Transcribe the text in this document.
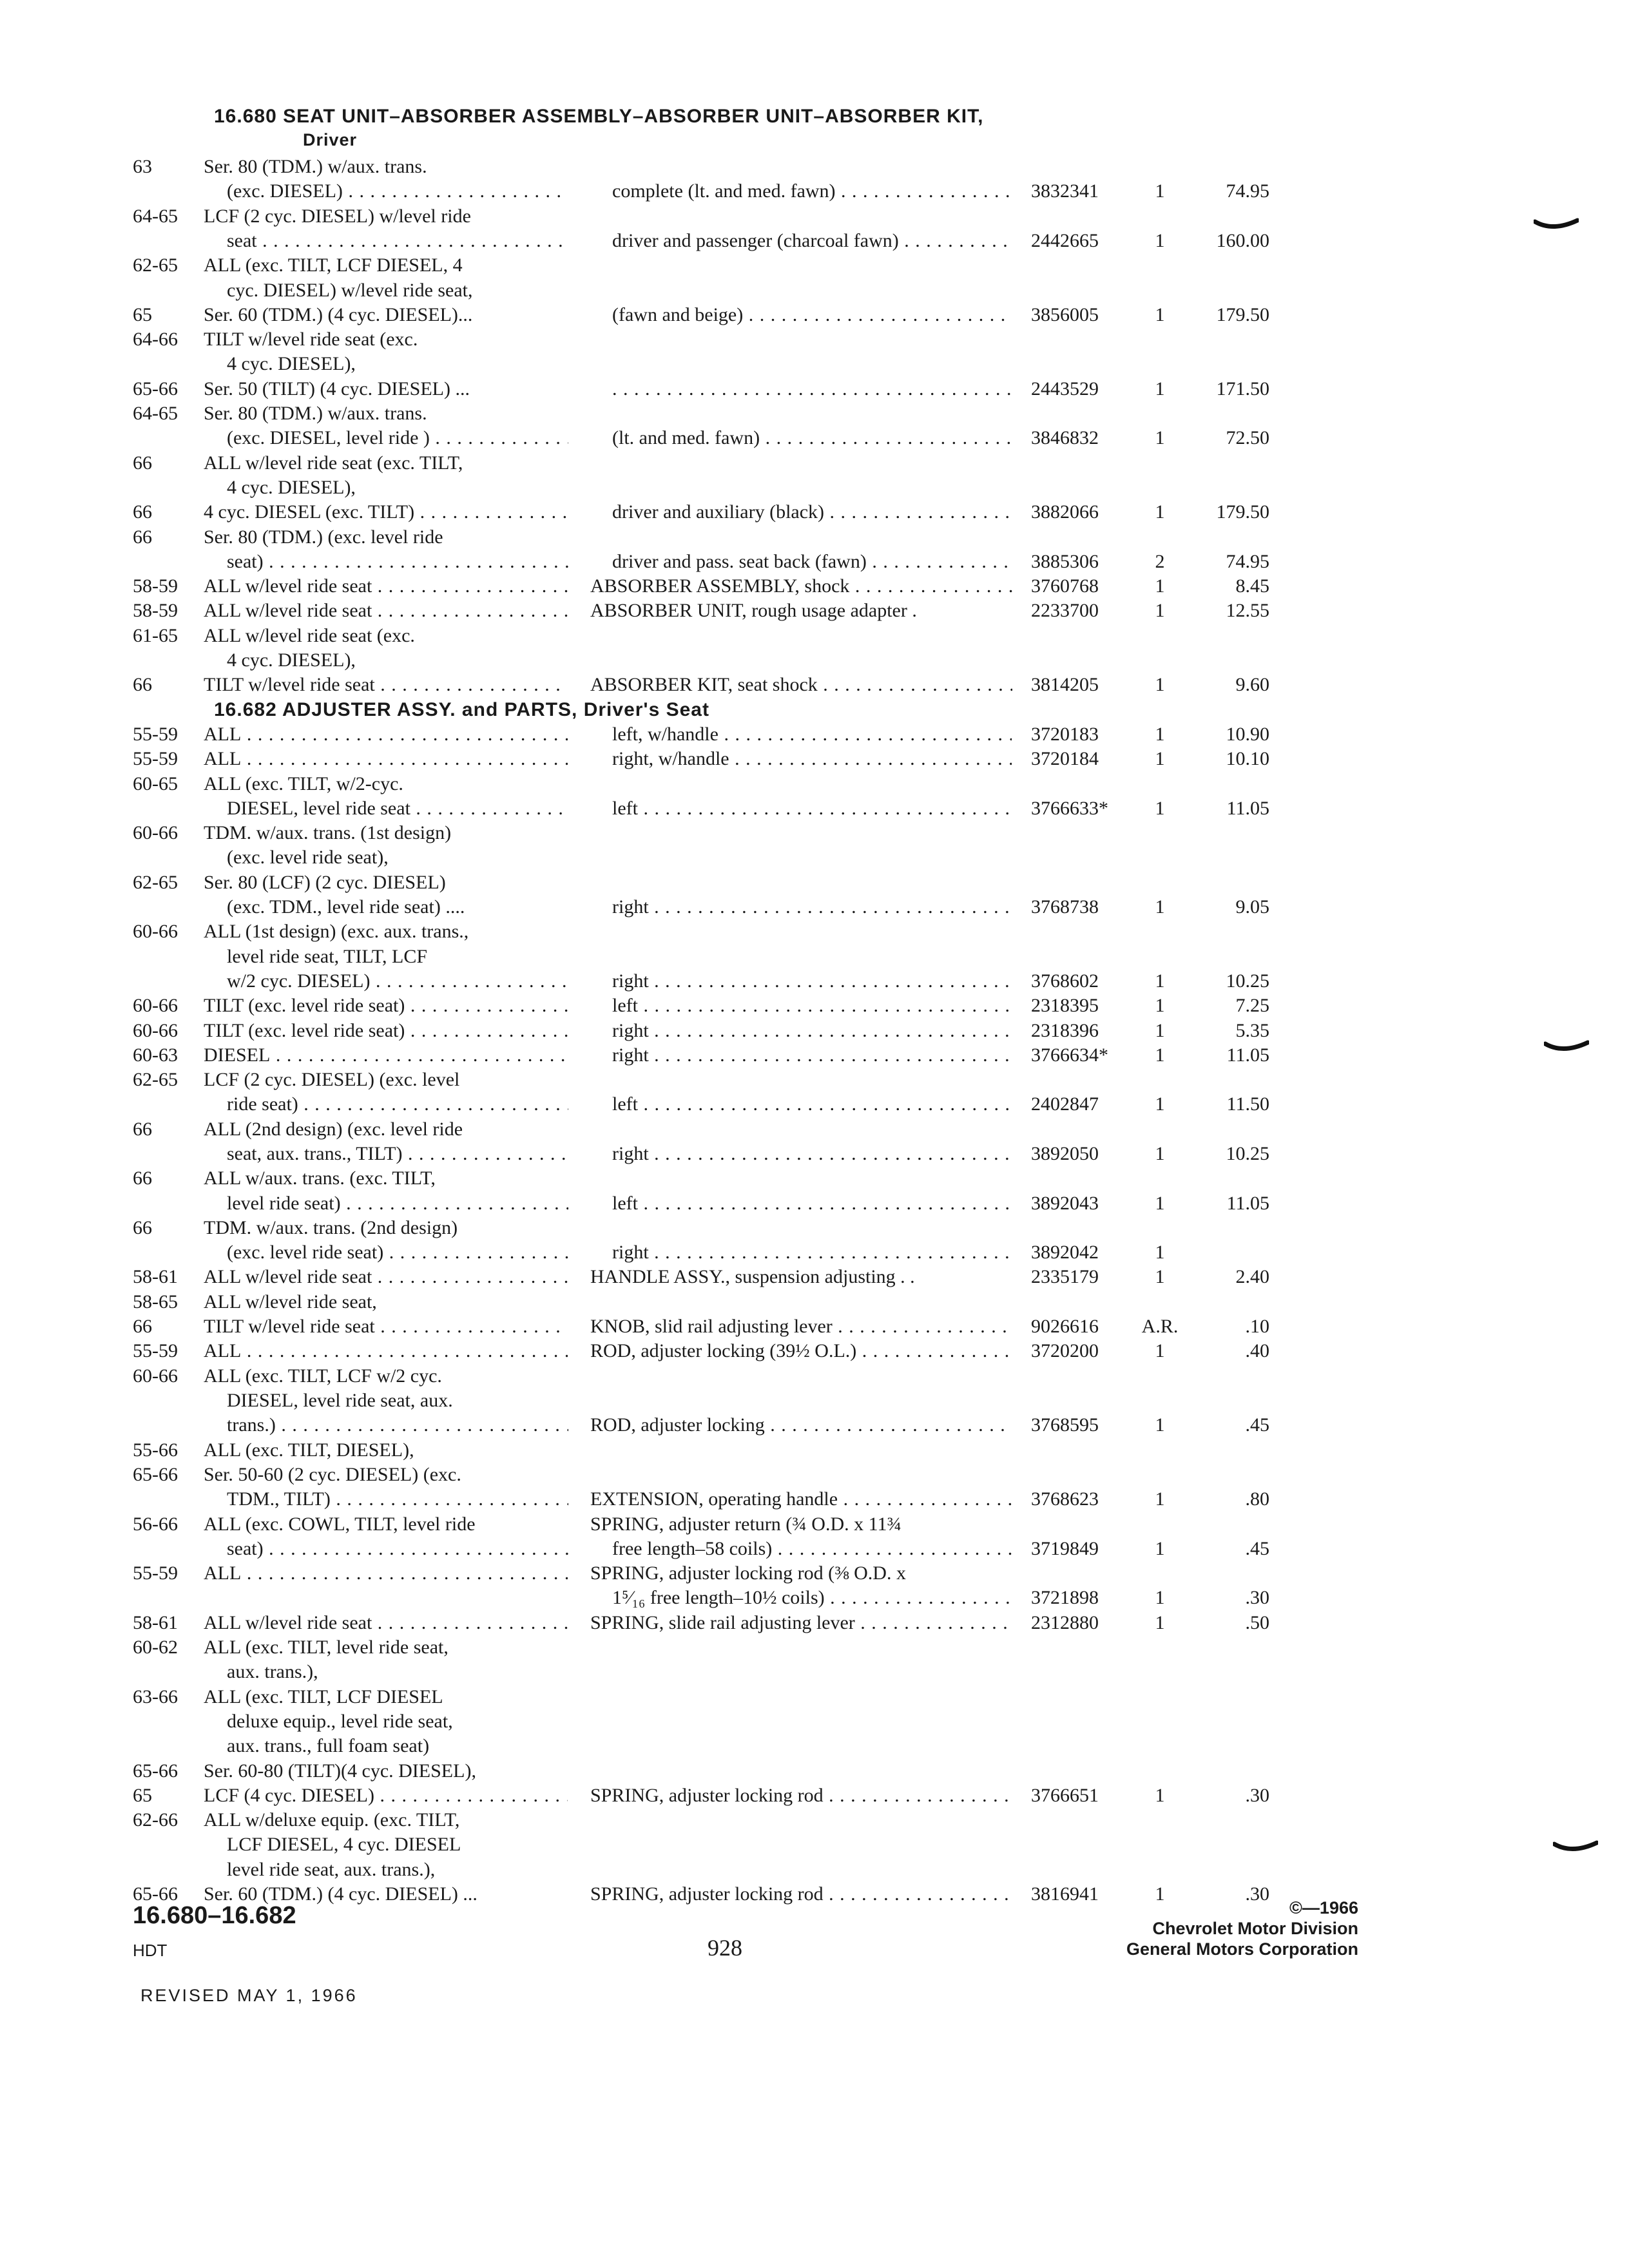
16.680 SEAT UNIT–ABSORBER ASSEMBLY–ABSORBER UNIT–ABSORBER KIT,
Driver
63	Ser. 80 (TDM.) w/aux. trans.
(exc. DIESEL) . . .	complete (lt. and med. fawn) . . .	3832341	1	74.95
64-65 LCF (2 cyc. DIESEL) w/level ride
seat . . .	driver and passenger (charcoal fawn) . . .	2442665	1	160.00
62-65 ALL (exc. TILT, LCF DIESEL, 4
cyc. DIESEL) w/level ride seat,
65	Ser. 60 (TDM.) (4 cyc. DIESEL)...	(fawn and beige) . . .	3856005	1	179.50
64-66 TILT w/level ride seat (exc.
4 cyc. DIESEL),
65-66 Ser. 50 (TILT) (4 cyc. DIESEL) ...
. . .	2443529	1	171.50
64-65 Ser. 80 (TDM.) w/aux. trans.
(exc. DIESEL, level ride ) . . .	(lt. and med. fawn) . . .	3846832	1	72.50
66	ALL w/level ride seat (exc. TILT,
4 cyc. DIESEL),
66	4 cyc. DIESEL (exc. TILT) . . .	driver and auxiliary (black) . . .	3882066	1	179.50
66	Ser. 80 (TDM.) (exc. level ride
seat) . . .	driver and pass. seat back (fawn) . . .	3885306	2	74.95
58-59 ALL w/level ride seat . . .	ABSORBER ASSEMBLY, shock . . .	3760768	1	8.45
58-59 ALL w/level ride seat . . .	ABSORBER UNIT, rough usage adapter .	2233700	1	12.55
61-65 ALL w/level ride seat (exc.
4 cyc. DIESEL),
66	TILT w/level ride seat . . .	ABSORBER KIT, seat shock . . .	3814205	1	9.60
16.682 ADJUSTER ASSY. and PARTS, Driver's Seat
55-59 ALL . . .	left, w/handle . . .	3720183	1	10.90
55-59 ALL . . .	right, w/handle . . .	3720184	1	10.10
60-65 ALL (exc. TILT, w/2-cyc.
DIESEL, level ride seat . . .	left . . .	3766633*	1	11.05
60-66 TDM. w/aux. trans. (1st design)
(exc. level ride seat),
62-65 Ser. 80 (LCF) (2 cyc. DIESEL)
(exc. TDM., level ride seat) ....	right . . .	3768738	1	9.05
60-66 ALL (1st design) (exc. aux. trans.,
level ride seat, TILT, LCF
w/2 cyc. DIESEL) . . .	right . . .	3768602	1	10.25
60-66 TILT (exc. level ride seat) . . .	left . . .	2318395	1	7.25
60-66 TILT (exc. level ride seat) . . .	right . . .	2318396	1	5.35
60-63 DIESEL . . .	right . . .	3766634*	1	11.05
62-65 LCF (2 cyc. DIESEL) (exc. level
ride seat) . . .	left . . .	2402847	1	11.50
66	ALL (2nd design) (exc. level ride
seat, aux. trans., TILT) . . .	right . . .	3892050	1	10.25
66	ALL w/aux. trans. (exc. TILT,
level ride seat) . . .	left . . .	3892043	1	11.05
66	TDM. w/aux. trans. (2nd design)
(exc. level ride seat) . . .	right . . .	3892042	1
58-61 ALL w/level ride seat . . .	HANDLE ASSY., suspension adjusting . .	2335179	1	2.40
58-65 ALL w/level ride seat,
66	TILT w/level ride seat . . .	KNOB, slid rail adjusting lever . . .	9026616	A.R.	.10
55-59 ALL . . .	ROD, adjuster locking (39½ O.L.) . . .	3720200	1	.40
60-66 ALL (exc. TILT, LCF w/2 cyc.
DIESEL, level ride seat, aux.
trans.) . . .	ROD, adjuster locking . . .	3768595	1	.45
55-66 ALL (exc. TILT, DIESEL),
65-66 Ser. 50-60 (2 cyc. DIESEL) (exc.
TDM., TILT) . . .	EXTENSION, operating handle . . .	3768623	1	.80
56-66 ALL (exc. COWL, TILT, level ride	SPRING, adjuster return (¾ O.D. x 11¾
seat) . . .	free length–58 coils) . . .	3719849	1	.45
55-59 ALL . . .	SPRING, adjuster locking rod (⅜ O.D. x
1⁵⁄₁₆ free length–10½ coils) . . .	3721898	1	.30
58-61 ALL w/level ride seat . . .	SPRING, slide rail adjusting lever . . .	2312880	1	.50
60-62 ALL (exc. TILT, level ride seat,
aux. trans.),
63-66 ALL (exc. TILT, LCF DIESEL
deluxe equip., level ride seat,
aux. trans., full foam seat)
65-66 Ser. 60-80 (TILT)(4 cyc. DIESEL),
65	LCF (4 cyc. DIESEL) . . .	SPRING, adjuster locking rod . . .	3766651	1	.30
62-66 ALL w/deluxe equip. (exc. TILT,
LCF DIESEL, 4 cyc. DIESEL
level ride seat, aux. trans.),
65-66 Ser. 60 (TDM.) (4 cyc. DIESEL) ...	SPRING, adjuster locking rod . . .	3816941	1	.30
16.680–16.682
HDT	928
©—1966
Chevrolet Motor Division
General Motors Corporation
REVISED MAY 1, 1966
